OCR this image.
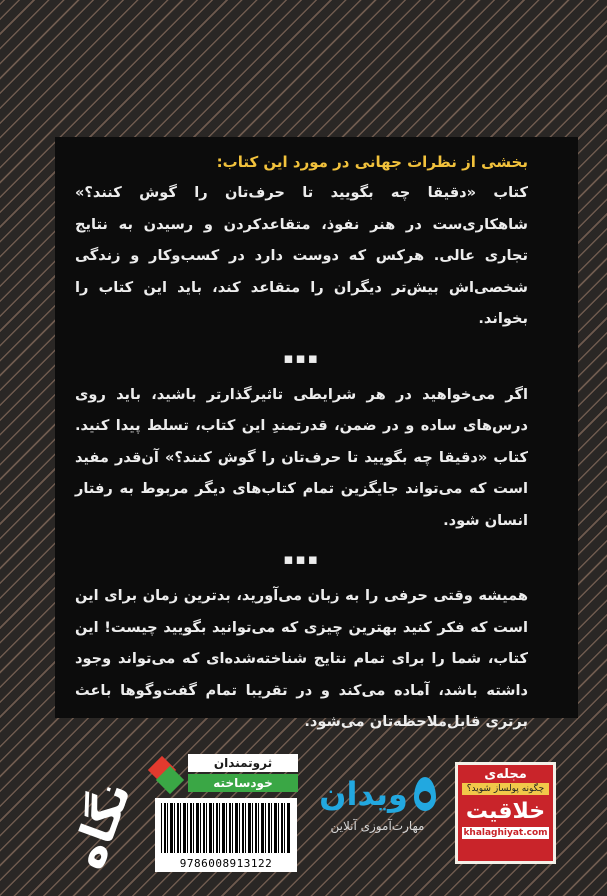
بخشی از نظرات جهانی در مورد این کتاب:

کتاب «دقیقا چه بگویید تا حرف‌تان را گوش کنند؟» شاهکاری‌ست در هنر نفوذ، متقاعدکردن و رسیدن به نتایج تجاری عالی. هرکس که دوست دارد در کسب‌وکار و زندگی شخصی‌اش بیش‌تر دیگران را متقاعد کند، باید این کتاب را بخواند.

▪▪▪

اگر می‌خواهید در هر شرایطی تاثیرگذارتر باشید، باید روی درس‌های ساده و در ضمن، قدرتمندِ این کتاب، تسلط پیدا کنید. کتاب «دقیقا چه بگویید تا حرف‌تان را گوش کنند؟» آن‌قدر مفید است که می‌تواند جایگزین تمام کتاب‌های دیگر مربوط به رفتار انسان شود.

▪▪▪

همیشه وقتی حرفی را به زبان می‌آورید، بدترین زمان برای این است که فکر کنید بهترین چیزی که می‌توانید بگویید چیست! این کتاب، شما را برای تمام نتایج شناخته‌شده‌ای که می‌تواند وجود داشته باشد، آماده می‌کند و در تقریبا تمام گفت‌وگوها باعث برتری قابل‌ملاحظه‌تان می‌شود.

مجله‌ی
چگونه پولساز شوید؟
خلاقیت
khalaghiyat.com
ویدان
مهارت‌آموزی آنلاین
ثروتمندان
خودساخته
9786008913122
نگاه
